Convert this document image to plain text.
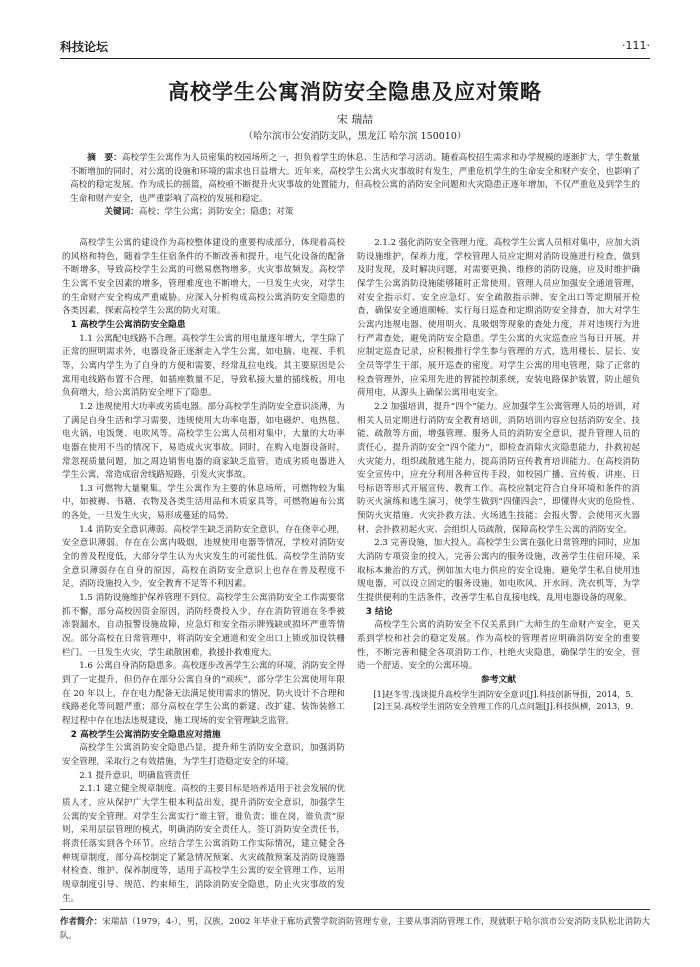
科技论坛	·111·
高校学生公寓消防安全隐患及应对策略
宋 瑞喆
（哈尔滨市公安消防支队，黑龙江 哈尔滨 150010）

摘　要：高校学生公寓作为人员密集的校园场所之一，担负着学生的休息、生活和学习活动。随着高校招生需求和办学规模的逐渐扩大，学生数量不断增加的同时，对公寓的设施和环境的需求也日益增大。近年来，高校学生公寓火灾事故时有发生，严重危机学生的生命安全和财产安全，也影响了高校的稳定发展。作为成长的摇篮，高校亟不断提升火灾事故的处置能力，但高校公寓的消防安全问题和火灾隐患正逐年增加，不仅严重危及到学生的生命和财产安全，也严重影响了高校的发展和稳定。

关键词：高校；学生公寓；消防安全；隐患；对策

高校学生公寓的建设作为高校整体建设的重要构成部分，体现着高校的风格和特色，随着学生住宿条件的不断改善和提升，电气化设备的配备不断增多，导致高校学生公寓的可燃易燃物增多，火灾事故频发。高校学生公寓不安全因素的增多，管理难度也不断增大，一旦发生火灾，对学生的生命财产安全构成严重威胁。应深入分析构成高校公寓消防安全隐患的各类因素，探索高校学生公寓的防火对策。

1 高校学生公寓消防安全隐患

1.1 公寓配电线路不合理。高校学生公寓的用电量逐年增大，学生除了正常的照明需求外，电器设备正逐渐走入学生公寓，如电脑、电视、手机等，公寓内学生为了自身的方便和需要，经常乱拉电线。其主要原因是公寓用电线路布置不合理，如插座数量不足，导致私接大量的插线板，用电负荷增大，给公寓消防安全埋下了隐患。

1.2 违规使用大功率或劣质电器。部分高校学生消防安全意识淡薄，为了满足自身生活和学习需要，违规使用大功率电器，如电磁炉、电热毯、电火锅、电饭煲、电吹风等。高校学生公寓人员相对集中，大量的大功率电器在使用不当的情况下，易造成火灾事故。同时，在购入电器设备时，常忽视质量问题，加之周边销售电器的商家缺乏监管，造成劣质电器进入学生公寓，常造成宿舍线路短路，引发火灾事故。

1.3 可燃物大量聚集。学生公寓作为主要的休息场所，可燃物较为集中，如被褥、书籍、衣物及各类生活用品和木质家具等，可燃物遍布公寓的各处，一旦发生火灾，易形成蔓延的局势。

1.4 消防安全意识薄弱。高校学生缺乏消防安全意识，存在侥幸心理，安全意识薄弱。存在在公寓内吸烟，违规使用电器等情况，学校对消防安全的普及程度低，大部分学生认为火灾发生的可能性低。高校学生消防安全意识薄弱存在自身的原因，高校在消防安全意识上也存在普及程度不足，消防设施投入少，安全教育不足等不利因素。

1.5 消防设施维护保养管理不到位。高校学生公寓消防安全工作需要常抓不懈，部分高校因资金原因，消防经费投入少，存在消防管道在冬季被冻裂漏水，自动报警设施故障，应急灯和安全指示牌残缺或损坏严重等情况。部分高校在日常管理中，将消防安全通道和安全出口上锁或加设铁栅栏门。一旦发生火灾，学生疏散困难，救援扑救难度大。

1.6 公寓自身消防隐患多。高校逐步改善学生公寓的环境，消防安全得到了一定提升，但仍存在部分公寓自身的“顽疾”，部分学生公寓使用年限在 20 年以上，存在电力配备无法满足使用需求的情况，防火设计不合理和线路老化等问题严重；部分高校在学生公寓的新建、改扩建、装饰装修工程过程中存在违法违规建设，施工现场的安全管理缺乏监管。

2 高校学生公寓消防安全隐患应对措施

高校学生公寓消防安全隐患凸显，提升师生消防安全意识，加强消防安全管理，采取行之有效措施，为学生打造稳定安全的环境。

2.1 提升意识，明确监管责任

2.1.1 建立健全规章制度。高校的主要目标是培养适用于社会发展的优质人才，应从保护广大学生根本利益出发，提升消防安全意识，加强学生公寓的安全管理。对学生公寓实行“谁主管，谁负责；谁在岗，谁负责”原则，采用层层管理的模式，明确消防安全责任人，签订消防安全责任书，将责任落实到各个环节。应结合学生公寓消防工作实际情况，建立健全各种规章制度，部分高校制定了紧急情况预案、火灾疏散预案及消防设施器材检查、维护、保养制度等，适用于高校学生公寓的安全管理工作，运用规章制度引导、规范、约束师生，消除消防安全隐患，防止火灾事故的发生。

2.1.2 强化消防安全管理力度。高校学生公寓人员相对集中，应加大消防设施维护，保养力度，学校管理人员应定期对消防设施进行检查，做到及时发现，及时解决问题，对需要更换、维修的消防设施，应及时维护确保学生公寓消防设施能够随时正常使用。管理人员应加强安全通道管理，对安全指示灯、安全应急灯、安全疏散指示牌、安全出口等定期展开检查，确保安全通道顺畅。实行每日巡查和定期消防安全排查，加大对学生公寓内违规电器、使用明火、乱吸烟等现象的查处力度，并对违规行为进行严肃查处，避免消防安全隐患。学生公寓的火灾巡查应当每日开展，并应制定巡查记录，应积极推行学生参与管理的方式，选用楼长、层长、安全员等学生干部，展开巡查的密度。对学生公寓的用电管理，除了正常的检查管理外，应采用先进的智能控制系统，安装电路保护装置，防止超负荷用电，从源头上确保公寓用电安全。

2.2 加强培训，提升“四个”能力。应加强学生公寓管理人员的培训，对相关人员定期进行消防安全教育培训，消防培训内容应包括消防安全、技能、疏散等方面，增强管理、服务人员的消防安全意识，提升管理人员的责任心，提升消防安全“四个能力”，即检查消除火灾隐患能力，扑救初起火灾能力，组织疏散逃生能力，提高消防宣传教育培训能力。在高校消防安全宣传中，应充分利用各种宣传手段，如校园广播、宣传板、讲座、日号标语等形式开展宣传、教育工作。高校应制定符合自身环境和条件的消防灭火演练和逃生演习，使学生做到“四懂四会”，即懂得火灾的危险性、预防火灾措施、火灾扑救方法、火场逃生技能；会报火警、会使用灭火器材、会扑救初起火灾、会组织人员疏散，保障高校学生公寓的消防安全。

2.3 完善设施，加大投入。高校学生公寓在强化日常管理的同时，应加大消防专项资金的投入，完善公寓内的服务设施，改善学生住宿环境，采取标本兼治的方式，例如加大电力供应的安全设施，避免学生私自使用违规电器，可以设立固定的服务设施，如电吹风、开水间、洗衣机等，为学生提供便利的生活条件，改善学生私自乱接电线，乱用电器设备的现象。

3 结论

高校学生公寓的消防安全不仅关系到广大师生的生命财产安全，更关系到学校和社会的稳定发展。作为高校的管理者应明确消防安全的重要性，不断完善和健全各项消防工作，杜绝火灾隐患，确保学生的安全，营造一个舒适、安全的公寓环境。

参考文献

[1]赵冬雪.浅谈提升高校学生消防安全意识[J].科技创新导报，2014，5.

[2]王昊.高校学生消防安全管理工作的几点问题[J].科技纵横，2013，9.

作者简介：宋瑞喆（1979，4-），男，汉族，2002 年毕业于廊坊武警学院消防管理专业，主要从事消防管理工作，现就职于哈尔滨市公安消防支队松北消防大队。
